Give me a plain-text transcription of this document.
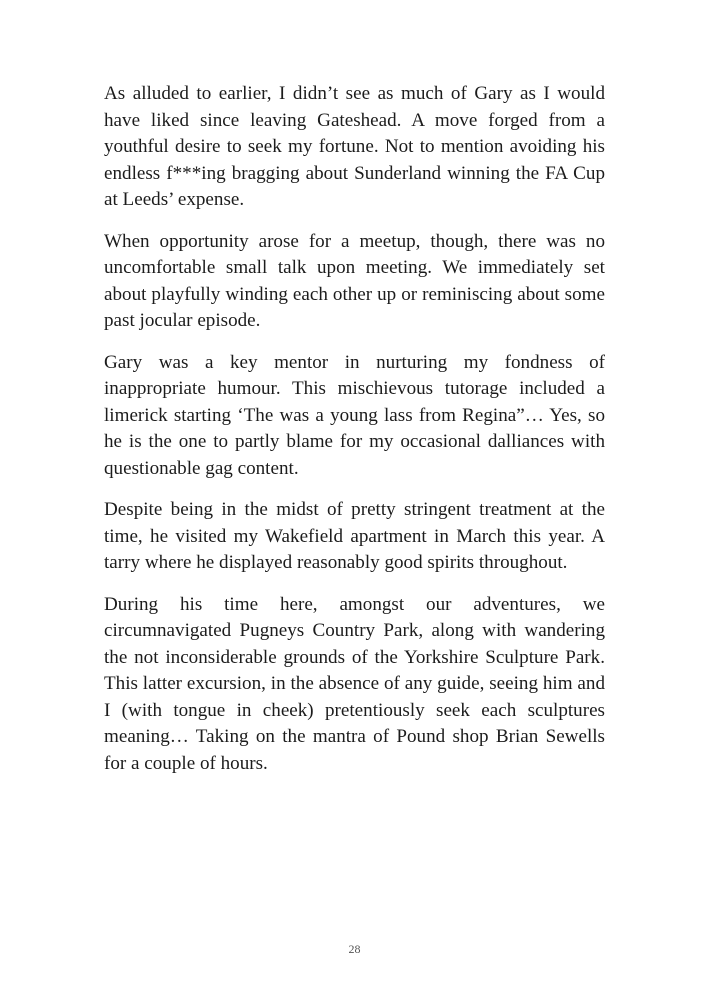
As alluded to earlier, I didn’t see as much of Gary as I would have liked since leaving Gateshead. A move forged from a youthful desire to seek my fortune. Not to mention avoiding his endless f***ing bragging about Sunderland winning the FA Cup at Leeds’ expense.

When opportunity arose for a meetup, though, there was no uncomfortable small talk upon meeting. We immediately set about playfully winding each other up or reminiscing about some past jocular episode.

Gary was a key mentor in nurturing my fondness of inappropriate humour. This mischievous tutorage included a limerick starting ‘The was a young lass from Regina”… Yes, so he is the one to partly blame for my occasional dalliances with questionable gag content.

Despite being in the midst of pretty stringent treatment at the time, he visited my Wakefield apartment in March this year. A tarry where he displayed reasonably good spirits throughout.

During his time here, amongst our adventures, we circumnavigated Pugneys Country Park, along with wandering the not inconsiderable grounds of the Yorkshire Sculpture Park. This latter excursion, in the absence of any guide, seeing him and I (with tongue in cheek) pretentiously seek each sculptures meaning… Taking on the mantra of Pound shop Brian Sewells for a couple of hours.

28
